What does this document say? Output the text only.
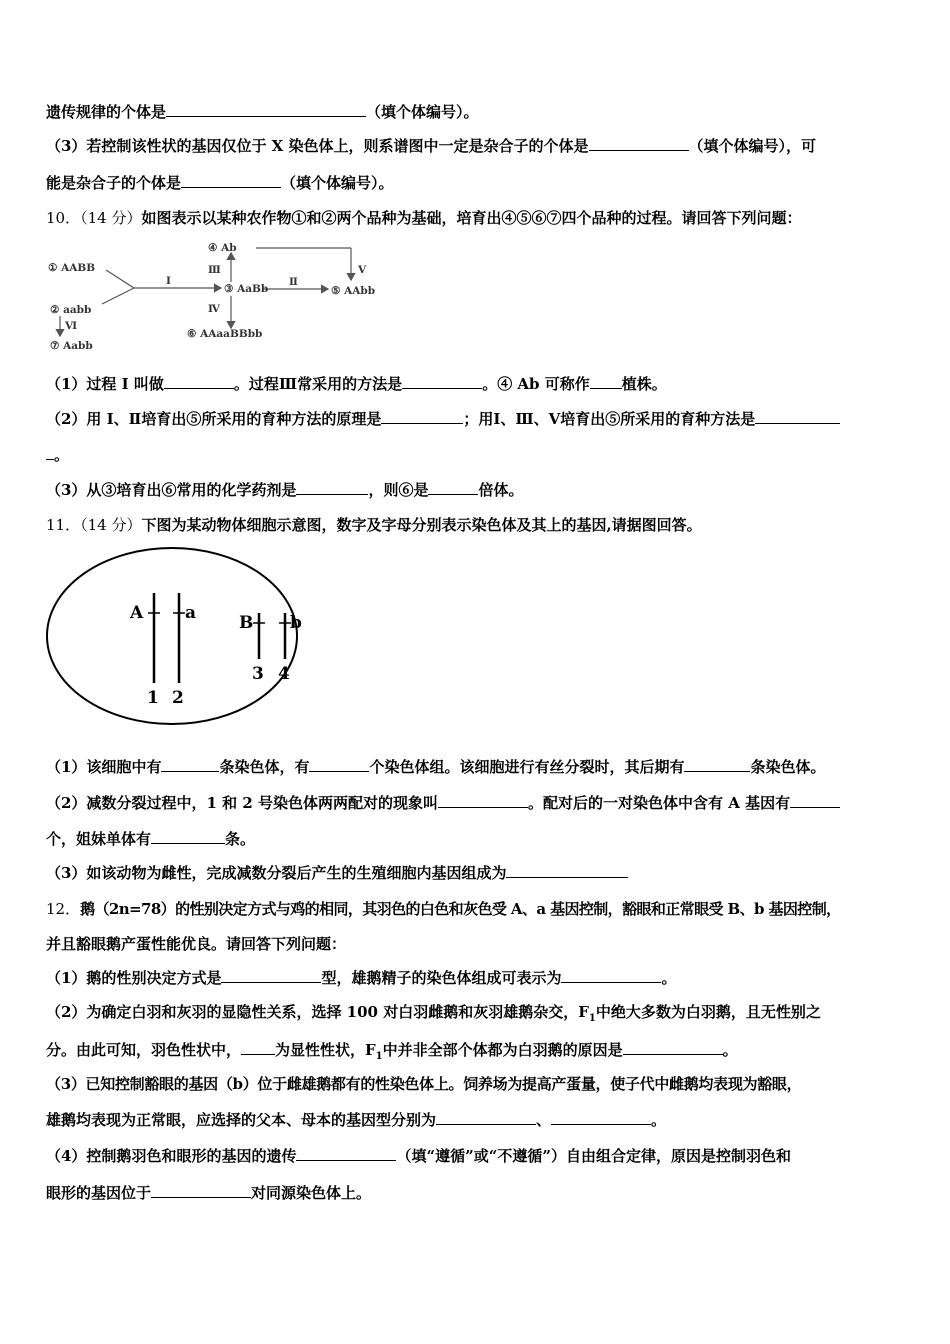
遗传规律的个体是	（填个体编号）。
（3）若控制该性状的基因仅位于 X 染色体上，则系谱图中一定是杂合子的个体是	（填个体编号），可
能是杂合子的个体是	（填个体编号）。
10．（14 分）如图表示以某种农作物①和②两个品种为基础，培育出④⑤⑥⑦四个品种的过程。请回答下列问题：
① AABB
② aabb
③ AaBb
④ Ab
⑤ AAbb
⑥ AAaaBBbb
⑦ Aabb
Ⅰ	Ⅱ
Ⅲ
Ⅳ
Ⅴ
Ⅵ
（1）过程 I 叫做	。过程Ⅲ常采用的方法是	。④ Ab 可称作 植株。
（2）用 I、Ⅱ培育出⑤所采用的育种方法的原理是	；用Ⅰ、Ⅲ、Ⅴ培育出⑤所采用的育种方法是
。
（3）从③培育出⑥常用的化学药剂是	，则⑥是	倍体。
11．（14 分）下图为某动物体细胞示意图，数字及字母分别表示染色体及其上的基因,请据图回答。
A a	B b
1 2
3 4
（1）该细胞中有	条染色体，有	个染色体组。该细胞进行有丝分裂时，其后期有	条染色体。
（2）减数分裂过程中，1 和 2 号染色体两两配对的现象叫	。配对后的一对染色体中含有 A 基因有
个，姐妹单体有	条。
（3）如该动物为雌性，完成减数分裂后产生的生殖细胞内基因组成为
12．鹅（2n=78）的性别决定方式与鸡的相同，其羽色的白色和灰色受 A、a 基因控制，豁眼和正常眼受 B、b 基因控制，
并且豁眼鹅产蛋性能优良。请回答下列问题：
（1）鹅的性别决定方式是	型，雄鹅精子的染色体组成可表示为	。
（2）为确定白羽和灰羽的显隐性关系，选择 100 对白羽雌鹅和灰羽雄鹅杂交，$F_1$中绝大多数为白羽鹅，且无性别之
分。由此可知，羽色性状中， 为显性性状，$F_1$中并非全部个体都为白羽鹅的原因是	。
（3）已知控制豁眼的基因（b）位于雌雄鹅都有的性染色体上。饲养场为提高产蛋量，使子代中雌鹅均表现为豁眼，
雄鹅均表现为正常眼，应选择的父本、母本的基因型分别为	、	。
（4）控制鹅羽色和眼形的基因的遗传	（填“遵循”或“不遵循”）自由组合定律，原因是控制羽色和
眼形的基因位于	对同源染色体上。
